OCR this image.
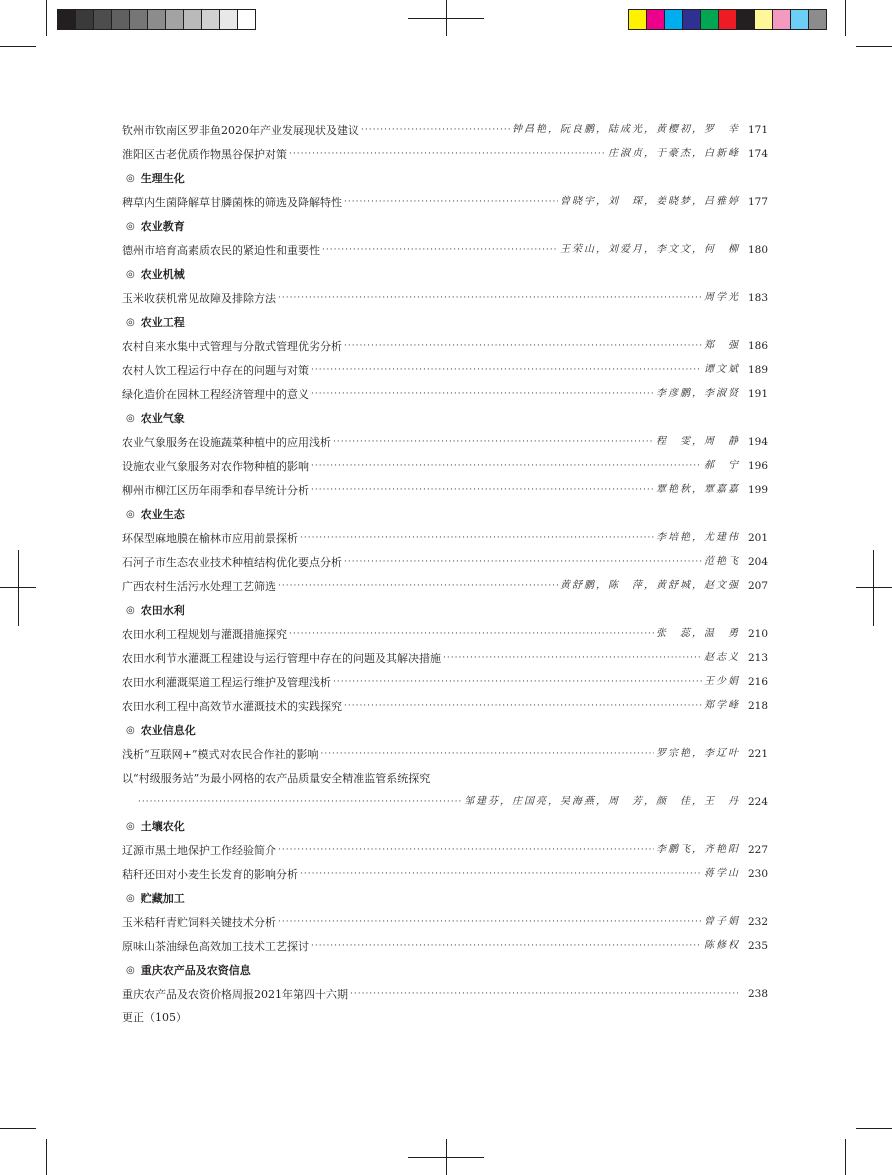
钦州市钦南区罗非鱼2020年产业发展现状及建议 ·····	钟昌艳，阮良鹏，陆成光，黄樱初，罗　幸 171
淮阳区古老优质作物黑谷保护对策 ·····	庄淑贞，于豪杰，白新峰 174
◎ 生理生化
稗草内生菌降解草甘膦菌株的筛选及降解特性 ·····	曾晓宇，刘　琛，姜晓梦，吕雅婷 177
◎ 农业教育
德州市培育高素质农民的紧迫性和重要性 ·····	王荣山，刘爱月，李文文，何　柳 180
◎ 农业机械
玉米收获机常见故障及排除方法 ·····	周学光 183
◎ 农业工程
农村自来水集中式管理与分散式管理优劣分析 ·····	郑　强 186
农村人饮工程运行中存在的问题与对策 ·····	谭文斌 189
绿化造价在园林工程经济管理中的意义 ·····	李彦鹏，李淑贤 191
◎ 农业气象
农业气象服务在设施蔬菜种植中的应用浅析 ·····	程　雯，周　静 194
设施农业气象服务对农作物种植的影响 ·····	郝　宁 196
柳州市柳江区历年雨季和春旱统计分析 ·····	覃艳秋，覃嘉嘉 199
◎ 农业生态
环保型麻地膜在榆林市应用前景探析 ·····	李培艳，尤建伟 201
石河子市生态农业技术种植结构优化要点分析 ·····	范艳飞 204
广西农村生活污水处理工艺筛选 ·····	黄舒鹏，陈　萍，黄舒城，赵文强 207
◎ 农田水利
农田水利工程规划与灌溉措施探究 ·····	张　蕊，温　勇 210
农田水利节水灌溉工程建设与运行管理中存在的问题及其解决措施 ·····	赵志义 213
农田水利灌溉渠道工程运行维护及管理浅析 ·····	王少娟 216
农田水利工程中高效节水灌溉技术的实践探究 ·····	郑学峰 218
◎ 农业信息化
浅析“互联网+”模式对农民合作社的影响 ·····	罗宗艳，李辽叶 221
以“村级服务站”为最小网格的农产品质量安全精准监管系统探究
·····
邹建芬，庄国亮，吴海燕，周　芳，颜　佳，王　丹 224
◎ 土壤农化
辽源市黑土地保护工作经验简介 ·····	李鹏飞，齐艳阳 227
秸秆还田对小麦生长发育的影响分析 ·····	蒋学山 230
◎ 贮藏加工
玉米秸秆青贮饲料关键技术分析 ·····	曾子娟 232
原味山茶油绿色高效加工技术工艺探讨 ·····	陈修权 235
◎ 重庆农产品及农资信息
重庆农产品及农资价格周报2021年第四十六期 ·····	238
更正（105）
